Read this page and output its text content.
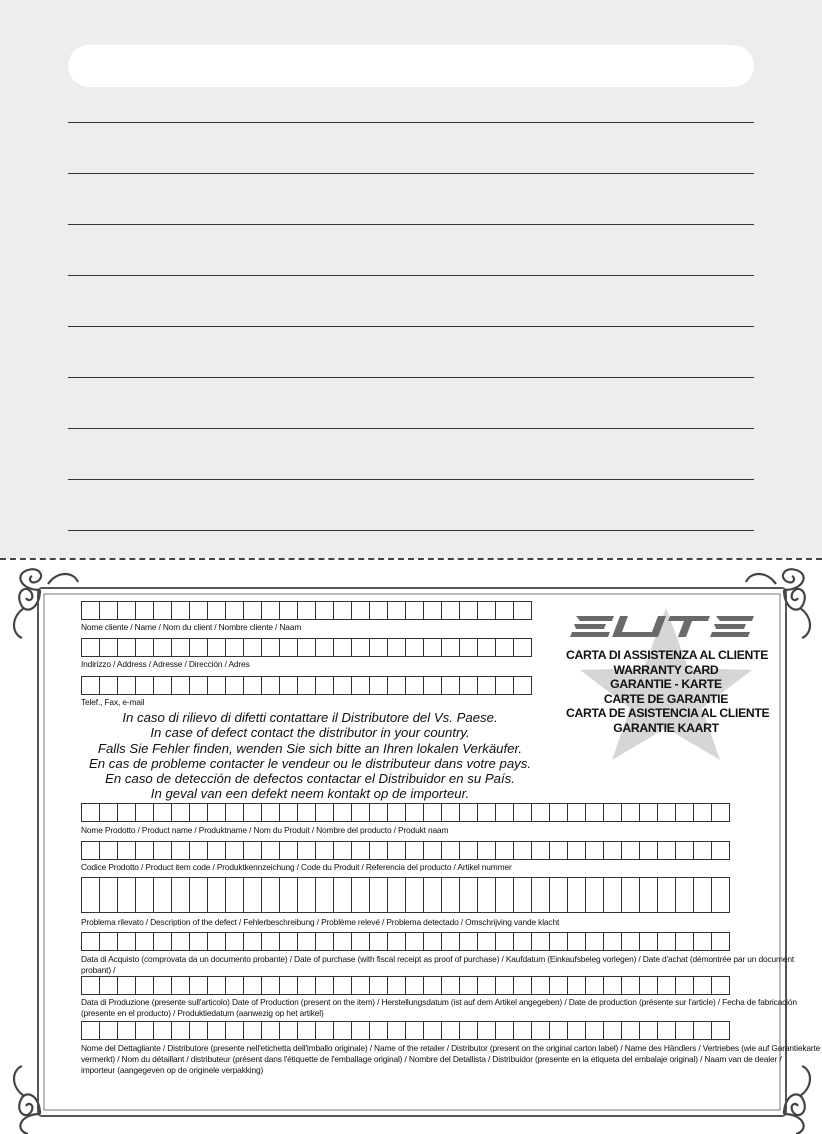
Nome cliente / Name / Nom du client / Nombre cliente / Naam
Indirizzo / Address / Adresse / Dirección / Adres
Telef., Fax, e-mail
In caso di rilievo di difetti contattare il Distributore del Vs. Paese.
In case of defect contact the distributor in your country.
Falls Sie Fehler finden, wenden Sie sich bitte an Ihren lokalen Verkäufer.
En cas de probleme contacter le vendeur ou le distributeur dans votre pays.
En caso de detección de defectos contactar el Distribuidor en su País.
In geval van een defekt neem kontakt op de importeur.
CARTA DI ASSISTENZA AL CLIENTE
WARRANTY CARD
GARANTIE - KARTE
CARTE DE GARANTIE
CARTA DE ASISTENCIA AL CLIENTE
GARANTIE KAART
Nome Prodotto / Product name / Produktname / Nom du Produit / Nombre del producto / Produkt naam
Codice Prodotto / Product item code / Produktkennzeichung / Code du Produit / Referencia del producto / Artikel nummer
Problema rilevato / Description of the defect / Fehlerbeschreibung / Problème relevé / Problema detectado / Omschrijving vande klacht
Data di Acquisto (comprovata da un documento probante) / Date of purchase (with fiscal receipt as proof of purchase) / Kaufdatum (Einkaufsbeleg vorlegen) / Date d'achat (démontrée par un document probant) /
Data di Produzione (presente sull'articolo) Date of Production (present on the item) / Herstellungsdatum (ist auf dem Artikel angegeben) / Date de production (présente sur l'article) / Fecha de fabricación
(presente en el producto) / Produktiedatum (aanwezig op het artikel)
Nome del Dettagliante / Distributore (presente nell'etichetta dell'imballo originale) / Name of the retailer / Distributor (present on the original carton label) / Name des Händlers / Vertriebes (wie auf Garantiekarte
vermerkt) / Nom du détaillant / distributeur (présent dans l'étiquette de l'emballage original) / Nombre del Detallista / Distribuidor (presente en la etiqueta del embalaje original) / Naam van de dealer /
importeur (aangegeven op de originele verpakking)
